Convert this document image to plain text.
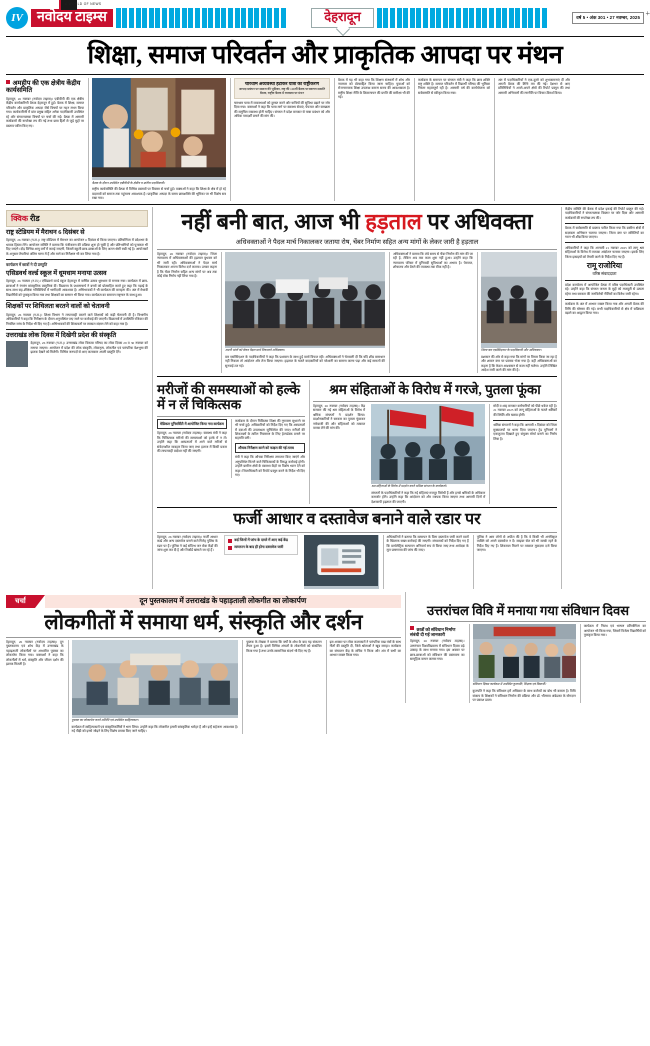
IV
A WORLD OF NEWS
नवोदय टाइम्स	देहरादून	वर्ष 5 • अंक 301 • 27 नवम्बर, 2025 +
शिक्षा, समाज परिवर्तन और प्राकृतिक आपदा पर मंथन
अमहीप की एक क्षेत्रीय केंद्रीय कार्यसमिति
देहरादून, 26 नवम्बर (नवोदय टाइम्स)। एबीवीपी की एक क्षेत्रीय केंद्रीय कार्यकारिणी बैठक देहरादून में हुई। बैठक में शिक्षा, समाज परिवर्तन और प्राकृतिक आपदा जैसे विषयों पर गहन मंथन किया गया। कार्यकारिणी में प्रांत प्रमुख सहित अनेक पदाधिकारी उपस्थित रहे और संगठनात्मक विषयों पर चर्चा की गई। बैठक में आगामी कार्यक्रमों की रूपरेखा तय की गई तथा छात्र हितों से जुड़े मुद्दों पर प्रस्ताव पारित किए गए।
बैठक के दौरान उपस्थित एबीवीपी के क्षेत्रीय व प्रांतीय पदाधिकारी।
राष्ट्रीय कार्यसमिति की बैठक में विभिन्न प्रस्तावों पर विस्तार से चर्चा हुई। वक्ताओं ने कहा कि शिक्षा के क्षेत्र में हो रहे बदलावों को समाज तक पहुंचाना आवश्यक है। प्राकृतिक आपदा के समय छात्रशक्ति की भूमिका पर भी विशेष सत्र रखा गया।
चारधाम अव्यवस्था हटाकर यात्रा का राष्ट्रीकरण
आपदा प्रबंधन पर समाज की भूमिका, राष्ट्र की 100वीं बैठक पर स्वागत सम्मति बैठक, राष्ट्रीय बैठक में व्यवस्था पर मंथन
चारधाम यात्रा में व्यवस्थाओं को दुरुस्त करने और यात्रियों की सुविधा बढ़ाने पर जोर दिया गया। वक्ताओं ने कहा कि यात्रा मार्ग पर स्वास्थ्य सेवाएं, पेयजल और स्वच्छता की समुचित व्यवस्था होनी चाहिए। संगठन ने प्रदेश सरकार से यात्रा प्रबंधन को और अधिक पारदर्शी बनाने की मांग की।
बैठक में यह भी कहा गया कि शिक्षण संस्थानों में शोध और नवाचार को प्रोत्साहित किया जाना चाहिए। युवाओं को रोजगारपरक शिक्षा उपलब्ध कराना समय की आवश्यकता है। राष्ट्रीय शिक्षा नीति के क्रियान्वयन की प्रगति की समीक्षा भी की गई।
कार्यक्रम के समापन पर संगठन मंत्री ने कहा कि छात्र शक्ति राष्ट्र शक्ति है। समाज परिवर्तन में विद्यार्थी परिषद की भूमिका निरंतर महत्वपूर्ण रही है। आगामी वर्ष की कार्ययोजना को सर्वसम्मति से स्वीकृत किया गया।
अंत में पदाधिकारियों ने एक-दूसरे को शुभकामनाएं दीं और अगली बैठक की तिथि तय की गई। देशभर से आए प्रतिनिधियों ने अपने-अपने क्षेत्रों की रिपोर्ट प्रस्तुत की तथा आगामी अभियानों की रणनीति पर विचार-विमर्श किया।
क्विक रीड
राष्ट्र स्टेडियम में मैराथन 6 दिसंबर से
देहरादून, 26 नवम्बर (न.टा.)। राष्ट्र स्टेडियम में मैराथन का आयोजन 6 दिसंबर से किया जाएगा। प्रतियोगिता में प्रदेशभर के धावक हिस्सा लेंगे। आयोजन समिति ने बताया कि पंजीकरण की प्रक्रिया शुरू हो चुकी है और प्रतिभागियों को पुरस्कार भी दिए जाएंगे। दौड़ विभिन्न आयु वर्गों में कराई जाएगी, जिसमें स्कूली छात्र-छात्राओं के लिए अलग श्रेणी रखी गई है। आयोजकों के अनुसार तैयारियां अंतिम चरण में हैं और मार्ग का निरीक्षण भी कर लिया गया है।
कार्यक्रम में छात्रों ने दी प्रस्तुति
एसिडवर्थ वर्ल्ड स्कूल में धूमधाम मनाया उत्सव
देहरादून, 26 नवम्बर (न.टा.)। एसिडवर्थ वर्ल्ड स्कूल देहरादून में वार्षिक उत्सव धूमधाम से मनाया गया। कार्यक्रम में छात्र-छात्राओं ने रंगारंग सांस्कृतिक प्रस्तुतियां दीं। विद्यालय के प्रधानाचार्य ने बच्चों को प्रोत्साहित करते हुए कहा कि पढ़ाई के साथ-साथ सह-शैक्षिक गतिविधियों में भागीदारी आवश्यक है। अभिभावकों ने भी कार्यक्रम की सराहना की। अंत में मेधावी विद्यार्थियों को पुरस्कृत किया गया तथा शिक्षकों का सम्मान भी किया गया। कार्यक्रम का समापन राष्ट्रगान के साथ हुआ।
शिक्षकों पर शिथिलता बरतने वालों को चेतावनी
देहरादून, 26 नवम्बर (न.टा.)। शिक्षा विभाग ने लापरवाही बरतने वाले शिक्षकों को कड़ी चेतावनी दी है। विभागीय अधिकारियों ने कहा कि निरीक्षण के दौरान अनुपस्थित पाए जाने पर कार्रवाई की जाएगी। विद्यालयों में उपस्थिति रजिस्टर की नियमित जांच के निर्देश भी दिए गए हैं। अभिभावकों की शिकायतों पर तत्काल संज्ञान लेने को कहा गया है।
उत्तराखंड लोक दिवस में दिखेगी प्रदेश की संस्कृति
देहरादून, 26 नवम्बर (न.टा.)। उत्तराखंड लोक विकास परिषद का लोक दिवस 29 व 30 नवम्बर को मनाया जाएगा। आयोजन में प्रदेश की लोक संस्कृति, लोकनृत्य, लोकगीत एवं पारंपरिक वेशभूषा की झलक देखने को मिलेगी। विभिन्न जनपदों से आए कलाकार अपनी प्रस्तुति देंगे।
नहीं बनी बात, आज भी हड़ताल पर अधिवक्ता
अधिवक्ताओं ने पैदल मार्च निकालकर जताया रोष, चेंबर निर्माण सहित अन्य मांगों के लेकर जारी है हड़ताल
देहरादून, 26 नवम्बर (नवोदय टाइम्स)। जिला न्यायालय में अधिवक्ताओं की हड़ताल बुधवार को भी जारी रही। अधिवक्ताओं ने पैदल मार्च निकालकर अपना विरोध दर्ज कराया। उनका कहना है कि चेंबर निर्माण सहित अन्य मांगों पर अब तक कोई ठोस निर्णय नहीं लिया गया है।
अपनी मांगों को लेकर पैदल मार्च निकालते अधिवक्ता।
बार एसोसिएशन के पदाधिकारियों ने कहा कि प्रशासन के साथ हुई वार्ता विफल रही। अधिवक्ताओं ने चेतावनी दी कि यदि शीघ्र समाधान नहीं निकला तो आंदोलन और तेज किया जाएगा। हड़ताल के चलते वादकारियों को परेशानी का सामना करना पड़ा और कई मामलों की सुनवाई टल गई।
अधिवक्ताओं ने बताया कि लंबे समय से चेंबर निर्माण की मांग की जा रही है, लेकिन अब तक काम शुरू नहीं हुआ। उन्होंने कहा कि न्यायालय परिसर में बुनियादी सुविधाओं का अभाव है। पेयजल, शौचालय और बैठने की व्यवस्था तक ठीक नहीं है।
जिला बार एसोसिएशन के पदाधिकारी और अधिवक्ता।
प्रशासन की ओर से कहा गया कि मांगों पर विचार किया जा रहा है और शासन स्तर पर प्रस्ताव भेजा गया है। वहीं अधिवक्ताओं का कहना है कि केवल आश्वासन से काम नहीं चलेगा। उन्होंने लिखित आदेश जारी करने की मांग की है।
मरीजों की समस्याओं को हल्के में न लें चिकित्सक
मेडिकल यूनिवर्सिटी में आयोजित किया गया कार्यक्रम
देहरादून, 26 नवम्बर (नवोदय टाइम्स)। स्वास्थ्य मंत्री ने कहा कि चिकित्सक मरीजों की समस्याओं को हल्के में न लें। उन्होंने कहा कि अस्पतालों में आने वाले मरीजों से संवेदनशील व्यवहार किया जाए तथा इलाज में किसी प्रकार की लापरवाही बर्दाश्त नहीं की जाएगी।
कार्यक्रम के दौरान चिकित्सा शिक्षा की गुणवत्ता सुधारने पर भी चर्चा हुई। अधिकारियों को निर्देश दिए गए कि अस्पतालों में दवाओं की उपलब्धता सुनिश्चित की जाए। मरीजों की शिकायतों के त्वरित निस्तारण के लिए हेल्पडेस्क बनाने पर सहमति बनी।
औचक निरीक्षण करने को फाइल की गई तलब
मंत्री ने कहा कि औचक निरीक्षण लगातार किए जाएंगे और अनुपस्थित मिलने वाले चिकित्सकों के विरुद्ध कार्रवाई होगी। उन्होंने ग्रामीण क्षेत्रों के स्वास्थ्य केंद्रों पर विशेष ध्यान देने को कहा। जिलाधिकारी को रिपोर्ट प्रस्तुत करने के निर्देश भी दिए गए।
श्रम संहिताओं के विरोध में गरजे, पुतला फूंका
देहरादून, 26 नवम्बर (नवोदय टाइम्स)। केंद्र सरकार की नई श्रम संहिताओं के विरोध में श्रमिक संगठनों ने प्रदर्शन किया। प्रदर्शनकारियों ने सरकार का पुतला फूंककर नारेबाजी की और संहिताओं को तत्काल वापस लेने की मांग की।
श्रम संहिताओं के विरोध में प्रदर्शन करते श्रमिक संगठन के कार्यकर्ता।
संगठनों के पदाधिकारियों ने कहा कि नई संहिताएं मजदूर विरोधी हैं और इनसे श्रमिकों के अधिकार कमजोर होंगे। उन्होंने कहा कि आंदोलन को और व्यापक किया जाएगा तथा आगामी दिनों में देशव्यापी हड़ताल की जाएगी।
मोदी व शाह सरकार कर्मचारियों को पीछे धकेल रही है। 21 नवम्बर 2025 को लागू संहिताओं के चलते श्रमिकों की स्थिति और खराब होगी।
श्रमिक संगठनों ने कहा कि आगामी 3 दिसंबर को जिला मुख्यालयों पर धरना दिया जाएगा। ट्रेड यूनियनों ने एकजुटता दिखाते हुए संयुक्त मोर्चा बनाने का निर्णय लिया है।
फर्जी आधार व दस्तावेज बनाने वाले रडार पर
देहरादून, 26 नवम्बर (नवोदय टाइम्स)। फर्जी आधार कार्ड और अन्य दस्तावेज बनाने वाले गिरोह पुलिस के रडार पर हैं। पुलिस ने कई संदिग्ध जन सेवा केंद्रों की जांच शुरू कर दी है और रिकॉर्ड खंगाले जा रहे हैं।
कई जिलों में जांच के दायरे में आए कई केंद्र
सत्यापन के बाद ही होगा दस्तावेज जारी
अधिकारियों ने बताया कि सत्यापन के बिना दस्तावेज जारी करने वालों के खिलाफ सख्त कार्रवाई की जाएगी। संचालकों को निर्देश दिए गए हैं कि बायोमेट्रिक सत्यापन अनिवार्य रूप से किया जाए तथा आवेदक के मूल प्रमाणपत्र की जांच की जाए।
पुलिस ने आम लोगों से अपील की है कि वे किसी भी अनधिकृत व्यक्ति को अपने दस्तावेज न दें। साइबर सेल को भी सतर्क रहने के निर्देश दिए गए हैं। शिकायत मिलने पर तत्काल मुकदमा दर्ज किया जाएगा।
केंद्रीय समिति की बैठक में प्रदेश इकाई की रिपोर्ट प्रस्तुत की गई। पदाधिकारियों ने संगठनात्मक विस्तार पर जोर दिया और आगामी कार्यक्रमों की रूपरेखा तय की।
बैठक में सर्वसम्मति से प्रस्ताव पारित किया गया कि ग्रामीण क्षेत्रों में सदस्यता अभियान चलाया जाएगा। जिला स्तर पर समितियों का गठन भी शीघ्र किया जाएगा।
अधिकारियों ने कहा कि आगामी 21 नवम्बर 2025 को लागू श्रम संहिताओं के विरोध में व्यापक आंदोलन चलाया जाएगा। इसके लिए जिला इकाइयों को तैयारी करने के निर्देश दिए गए हैं।
रामू राजोरिया
वरिष्ठ संवाददाता
प्रदेश कार्यालय में आयोजित बैठक में वरिष्ठ पदाधिकारी उपस्थित रहे। उन्होंने कहा कि संगठन जनता के मुद्दों को मजबूती से उठाता रहेगा तथा सरकार की जनविरोधी नीतियों का विरोध जारी रहेगा।
कार्यक्रम के अंत में आभार व्यक्त किया गया और अगली बैठक की तिथि की घोषणा की गई। सभी पदाधिकारियों से क्षेत्र में सक्रियता बढ़ाने का आह्वान किया गया।
चर्चा	दून पुस्तकालय में उत्तराखंड के पहाड़ताली लोकगीत का लोकार्पण
लोकगीतों में समाया धर्म, संस्कृति और दर्शन
देहरादून, 26 नवम्बर (नवोदय टाइम्स)। दून पुस्तकालय एवं शोध केंद्र में उत्तराखंड के पहाड़ताली लोकगीतों पर आधारित पुस्तक का लोकार्पण किया गया। वक्ताओं ने कहा कि लोकगीतों में धर्म, संस्कृति और जीवन दर्शन की झलक मिलती है।
पुस्तक का लोकार्पण करते अतिथि एवं उपस्थित साहित्यकार।
कार्यक्रम में साहित्यकारों एवं संस्कृतिकर्मियों ने भाग लिया। उन्होंने कहा कि लोकगीत हमारी सांस्कृतिक धरोहर हैं और इन्हें सहेजना आवश्यक है। नई पीढ़ी को इनसे जोड़ने के लिए विशेष प्रयास किए जाने चाहिए।
पुस्तक के लेखक ने बताया कि वर्षों के शोध के बाद यह संकलन तैयार हुआ है। इसमें विभिन्न अंचलों के लोकगीतों को संकलित किया गया है तथा उनके सामाजिक संदर्भ भी दिए गए हैं।
इस अवसर पर लोक कलाकारों ने पारंपरिक वाद्य यंत्रों के साथ गीतों की प्रस्तुति दी, जिसे श्रोताओं ने खूब सराहा। कार्यक्रम का संचालन केंद्र के सचिव ने किया और अंत में सभी का आभार व्यक्त किया गया।
उत्तरांचल विवि में मनाया गया संविधान दिवस
छात्रों को संविधान निर्माण संबंधी दी गई जानकारी
देहरादून, 26 नवम्बर (नवोदय टाइम्स)। उत्तरांचल विश्वविद्यालय में संविधान दिवस बड़े उत्साह के साथ मनाया गया। इस अवसर पर छात्र-छात्राओं को संविधान की प्रस्तावना का सामूहिक वाचन कराया गया।
संविधान दिवस कार्यक्रम में उपस्थित कुलपति, शिक्षक एवं विद्यार्थी।
कुलपति ने कहा कि संविधान हमें अधिकार के साथ कर्तव्यों का बोध भी कराता है। विधि संकाय के शिक्षकों ने संविधान निर्माण की प्रक्रिया और डॉ. भीमराव अंबेडकर के योगदान पर प्रकाश डाला।
कार्यक्रम में निबंध एवं भाषण प्रतियोगिता का आयोजन भी किया गया, जिसमें विजेता विद्यार्थियों को पुरस्कृत किया गया।
